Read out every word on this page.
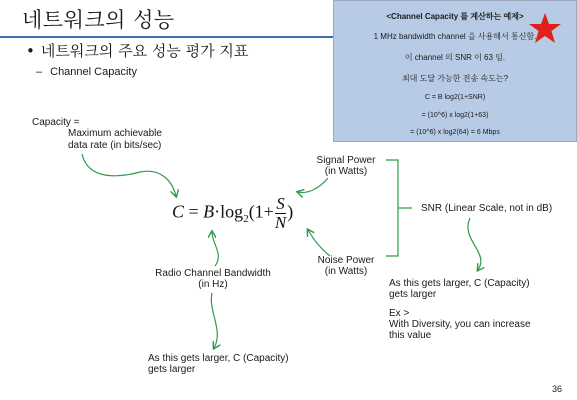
네트워크의 성능
• 네트워크의 주요 성능 평가 지표
– Channel Capacity
<Channel Capacity 를 계산하는 예제>
1 MHz bandwidth channel 을 사용해서 통신함.
이 channel 의 SNR 이 63 임.
최대 도달 가능한 전송 속도는?
C = B log2(1+SNR)
= (10^6) x log2(1+63)
= (10^6) x log2(64) = 6 Mbps
Capacity =
Maximum achievable
data rate (in bits/sec)
Signal Power
(in Watts)
Noise Power
(in Watts)
SNR (Linear Scale, not in dB)
Radio Channel Bandwidth
(in Hz)	As this gets larger, C (Capacity)
gets larger
Ex >
With Diversity, you can increase
this value
As this gets larger, C (Capacity)
gets larger
$C = B\cdot\log_2(1+ \frac{S}{N}$ )
36
